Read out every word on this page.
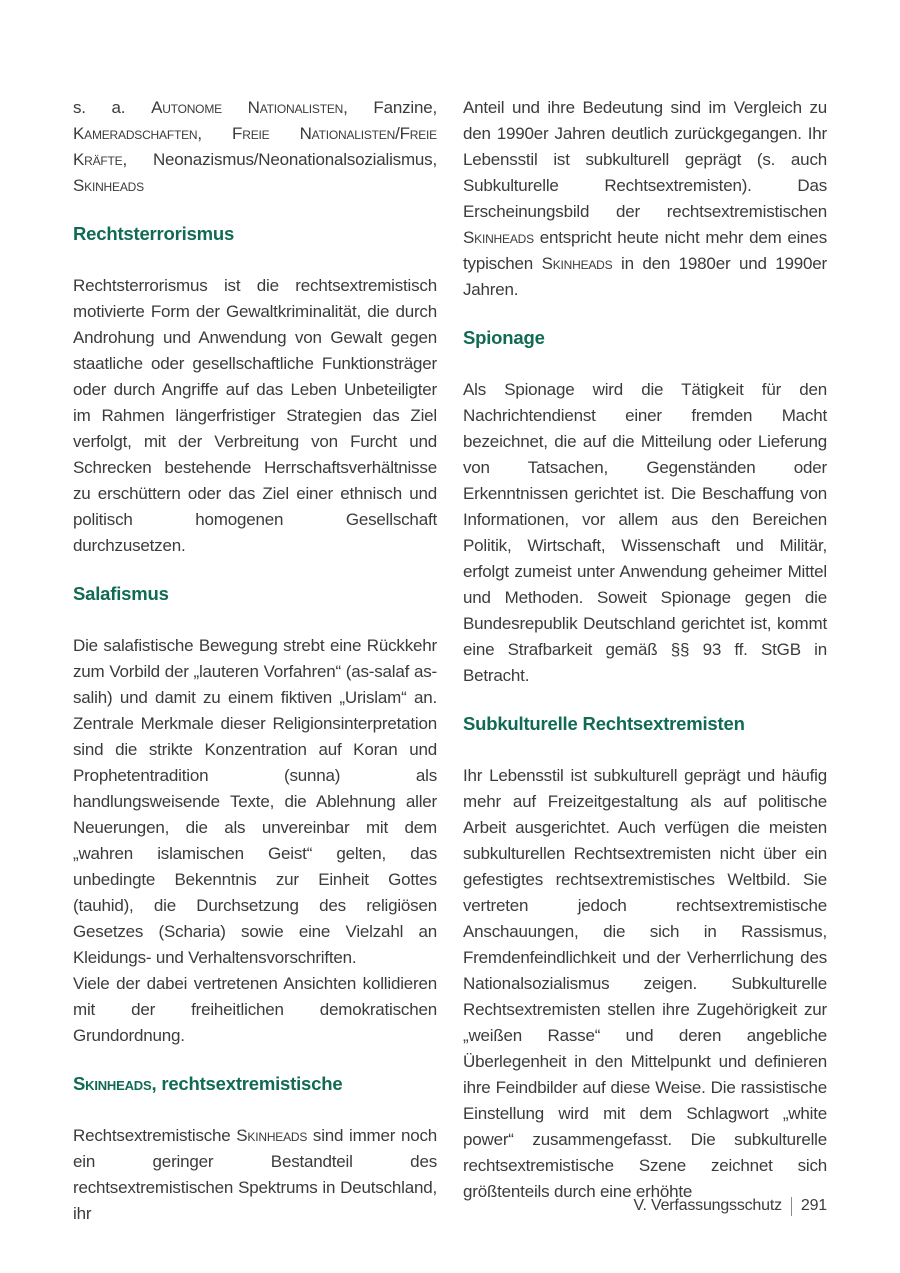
s. a. Autonome Nationalisten, Fanzine, Kameradschaften, Freie Nationalisten/Freie Kräfte, Neonazismus/Neonationalsozialismus, Skinheads

Rechtsterrorismus

Rechtsterrorismus ist die rechtsextremistisch motivierte Form der Gewaltkriminalität, die durch Androhung und Anwendung von Gewalt gegen staatliche oder gesellschaftliche Funktionsträger oder durch Angriffe auf das Leben Unbeteiligter im Rahmen längerfristiger Strategien das Ziel verfolgt, mit der Verbreitung von Furcht und Schrecken bestehende Herrschaftsverhältnisse zu erschüttern oder das Ziel einer ethnisch und politisch homogenen Gesellschaft durchzusetzen.

Salafismus

Die salafistische Bewegung strebt eine Rückkehr zum Vorbild der „lauteren Vorfahren“ (as-salaf as-salih) und damit zu einem fiktiven „Urislam“ an. Zentrale Merkmale dieser Religionsinterpretation sind die strikte Konzentration auf Koran und Prophetentradition (sunna) als handlungsweisende Texte, die Ablehnung aller Neuerungen, die als unvereinbar mit dem „wahren islamischen Geist“ gelten, das unbedingte Bekenntnis zur Einheit Gottes (tauhid), die Durchsetzung des religiösen Gesetzes (Scharia) sowie eine Vielzahl an Kleidungs- und Verhaltensvorschriften.

Viele der dabei vertretenen Ansichten kollidieren mit der freiheitlichen demokratischen Grundordnung.

Skinheads, rechtsextremistische

Rechtsextremistische Skinheads sind immer noch ein geringer Bestandteil des rechtsextremistischen Spektrums in Deutschland, ihr

Anteil und ihre Bedeutung sind im Vergleich zu den 1990er Jahren deutlich zurückgegangen. Ihr Lebensstil ist subkulturell geprägt (s. auch Subkulturelle Rechtsextremisten). Das Erscheinungsbild der rechtsextremistischen Skinheads entspricht heute nicht mehr dem eines typischen Skinheads in den 1980er und 1990er Jahren.

Spionage

Als Spionage wird die Tätigkeit für den Nachrichtendienst einer fremden Macht bezeichnet, die auf die Mitteilung oder Lieferung von Tatsachen, Gegenständen oder Erkenntnissen gerichtet ist. Die Beschaffung von Informationen, vor allem aus den Bereichen Politik, Wirtschaft, Wissenschaft und Militär, erfolgt zumeist unter Anwendung geheimer Mittel und Methoden. Soweit Spionage gegen die Bundesrepublik Deutschland gerichtet ist, kommt eine Strafbarkeit gemäß §§ 93 ff. StGB in Betracht.

Subkulturelle Rechtsextremisten

Ihr Lebensstil ist subkulturell geprägt und häufig mehr auf Freizeitgestaltung als auf politische Arbeit ausgerichtet. Auch verfügen die meisten subkulturellen Rechtsextremisten nicht über ein gefestigtes rechtsextremistisches Weltbild. Sie vertreten jedoch rechtsextremistische Anschauungen, die sich in Rassismus, Fremdenfeindlichkeit und der Verherrlichung des Nationalsozialismus zeigen. Subkulturelle Rechtsextremisten stellen ihre Zugehörigkeit zur „weißen Rasse“ und deren angebliche Überlegenheit in den Mittelpunkt und definieren ihre Feindbilder auf diese Weise. Die rassistische Einstellung wird mit dem Schlagwort „white power“ zusammengefasst. Die subkulturelle rechtsextremistische Szene zeichnet sich größtenteils durch eine erhöhte

V. Verfassungsschutz 291
